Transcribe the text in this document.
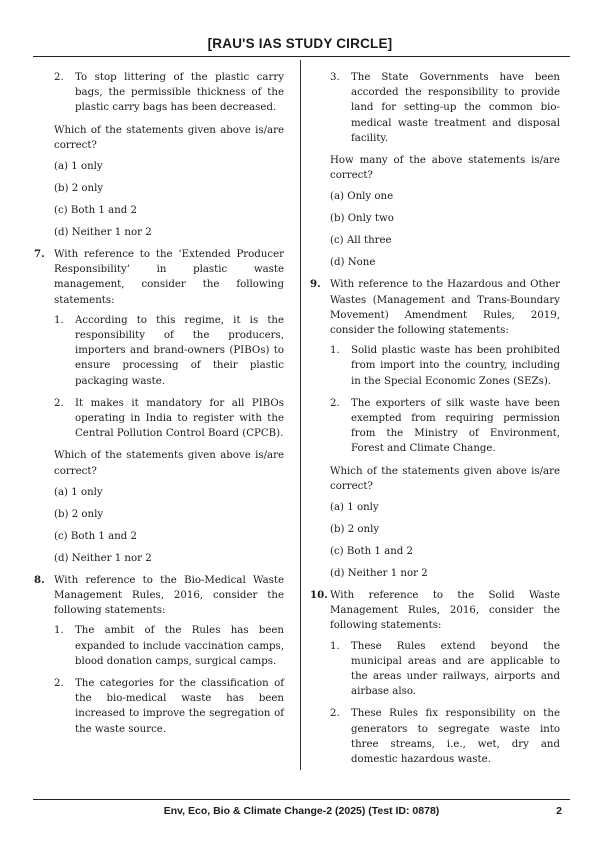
[RAU'S IAS STUDY CIRCLE]
2. To stop littering of the plastic carry bags, the permissible thickness of the plastic carry bags has been decreased.
Which of the statements given above is/are correct?
(a) 1 only
(b) 2 only
(c) Both 1 and 2
(d) Neither 1 nor 2
7. With reference to the ‘Extended Producer Responsibility’ in plastic waste management, consider the following statements:
1. According to this regime, it is the responsibility of the producers, importers and brand-owners (PIBOs) to ensure processing of their plastic packaging waste.
2. It makes it mandatory for all PIBOs operating in India to register with the Central Pollution Control Board (CPCB).
Which of the statements given above is/are correct?
(a) 1 only
(b) 2 only
(c) Both 1 and 2
(d) Neither 1 nor 2
8. With reference to the Bio-Medical Waste Management Rules, 2016, consider the following statements:
1. The ambit of the Rules has been expanded to include vaccination camps, blood donation camps, surgical camps.
2. The categories for the classification of the bio-medical waste has been increased to improve the segregation of the waste source.
3. The State Governments have been accorded the responsibility to provide land for setting-up the common bio-medical waste treatment and disposal facility.
How many of the above statements is/are correct?
(a) Only one
(b) Only two
(c) All three
(d) None
9. With reference to the Hazardous and Other Wastes (Management and Trans-Boundary Movement) Amendment Rules, 2019, consider the following statements:
1. Solid plastic waste has been prohibited from import into the country, including in the Special Economic Zones (SEZs).
2. The exporters of silk waste have been exempted from requiring permission from the Ministry of Environment, Forest and Climate Change.
Which of the statements given above is/are correct?
(a) 1 only
(b) 2 only
(c) Both 1 and 2
(d) Neither 1 nor 2
10. With reference to the Solid Waste Management Rules, 2016, consider the following statements:
1. These Rules extend beyond the municipal areas and are applicable to the areas under railways, airports and airbase also.
2. These Rules fix responsibility on the generators to segregate waste into three streams, i.e., wet, dry and domestic hazardous waste.
Env, Eco, Bio & Climate Change-2 (2025) (Test ID: 0878)	2
